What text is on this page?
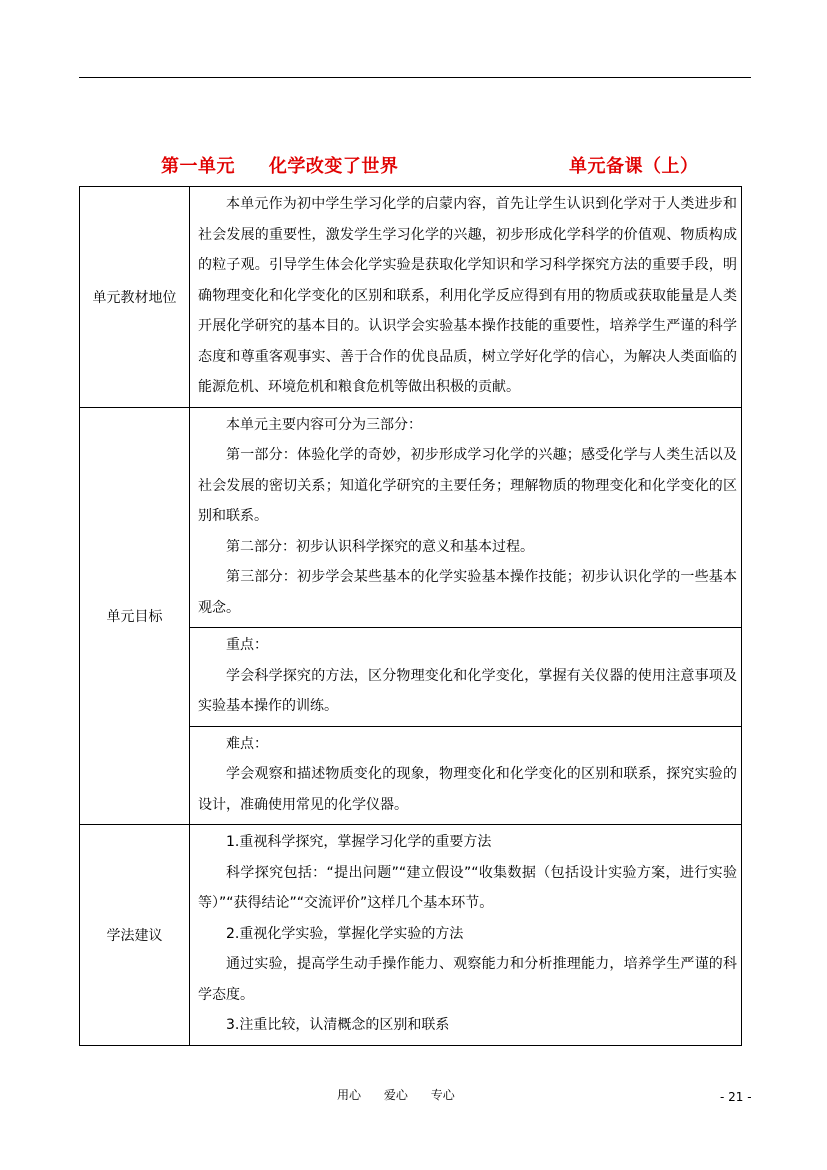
第一单元     化学改变了世界	单元备课（上）
单元教材地位	本单元作为初中学生学习化学的启蒙内容，首先让学生认识到化学对于人类进步和社会发展的重要性，激发学生学习化学的兴趣，初步形成化学科学的价值观、物质构成的粒子观。引导学生体会化学实验是获取化学知识和学习科学探究方法的重要手段，明确物理变化和化学变化的区别和联系，利用化学反应得到有用的物质或获取能量是人类开展化学研究的基本目的。认识学会实验基本操作技能的重要性，培养学生严谨的科学态度和尊重客观事实、善于合作的优良品质，树立学好化学的信心，为解决人类面临的能源危机、环境危机和粮食危机等做出积极的贡献。

单元目标	本单元主要内容可分为三部分：

第一部分：体验化学的奇妙，初步形成学习化学的兴趣；感受化学与人类生活以及社会发展的密切关系；知道化学研究的主要任务；理解物质的物理变化和化学变化的区别和联系。

第二部分：初步认识科学探究的意义和基本过程。

第三部分：初步学会某些基本的化学实验基本操作技能；初步认识化学的一些基本观念。

	重点：

学会科学探究的方法，区分物理变化和化学变化，掌握有关仪器的使用注意事项及实验基本操作的训练。

	难点：

学会观察和描述物质变化的现象，物理变化和化学变化的区别和联系，探究实验的设计，准确使用常见的化学仪器。

学法建议	1.重视科学探究，掌握学习化学的重要方法

科学探究包括：“提出问题”“建立假设”“收集数据（包括设计实验方案，进行实验等）”“获得结论”“交流评价”这样几个基本环节。

2.重视化学实验，掌握化学实验的方法

通过实验，提高学生动手操作能力、观察能力和分析推理能力，培养学生严谨的科学态度。

3.注重比较，认清概念的区别和联系

用心      爱心      专心	- 21 -
